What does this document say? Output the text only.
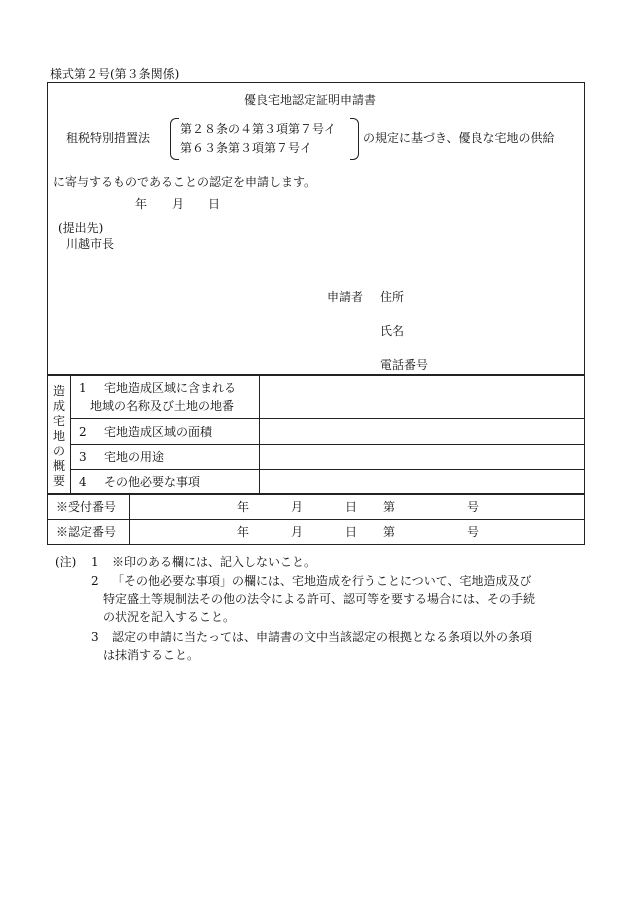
様式第２号(第３条関係)
優良宅地認定証明申請書
租税特別措置法
第２８条の４第３項第７号イ
第６３条第３項第７号イ
の規定に基づき、優良な宅地の供給
に寄与するものであることの認定を申請します。
年 月 日
(提出先)
川越市長
申請者 住所
氏名
電話番号
造
成
宅
地
の
概
要
1 宅地造成区域に含まれる
地域の名称及び土地の地番
2 宅地造成区域の面積
3 宅地の用途
4 その他必要な事項
※受付番号	年	月	日 第	号
※認定番号	年	月	日 第	号
(注) 1 ※印のある欄には、記入しないこと。
2 「その他必要な事項」の欄には、宅地造成を行うことについて、宅地造成及び
特定盛土等規制法その他の法令による許可、認可等を要する場合には、その手続
の状況を記入すること。
3 認定の申請に当たっては、申請書の文中当該認定の根拠となる条項以外の条項
は抹消すること。
